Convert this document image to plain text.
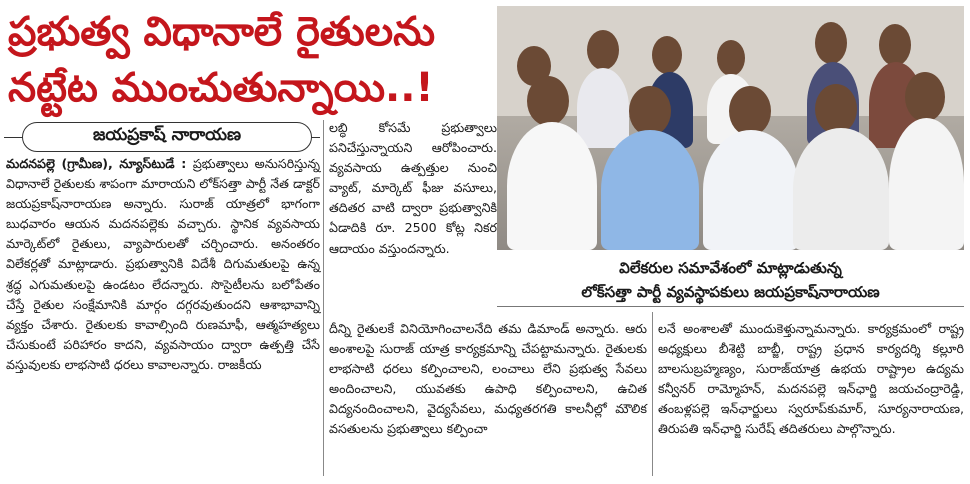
ప్రభుత్వ విధానాలే రైతులను
నట్టేట ముంచుతున్నాయి..!
జయప్రకాష్ నారాయణ
మదనపల్లె (గ్రామీణ), న్యూస్‌టుడే : ప్రభుత్వాలు అనుసరిస్తున్న విధానాలే రైతులకు శాపంగా మారాయని లోక్‌సత్తా పార్టీ నేత డాక్టర్ జయప్రకాష్‌నారాయణ అన్నారు. సురాజ్ యాత్రలో భాగంగా బుధవారం ఆయన మదనపల్లెకు వచ్చారు. స్థానిక వ్యవసాయ మార్కెట్‌లో రైతులు, వ్యాపారులతో చర్చించారు. అనంతరం విలేకర్లతో మాట్లాడారు. ప్రభుత్వానికి విదేశీ దిగుమతులపై ఉన్న శ్రద్ధ ఎగుమతులపై ఉండటం లేదన్నారు. సొసైటీలను బలోపేతం చేస్తే రైతుల సంక్షేమానికి మార్గం దగ్గరవుతుందని ఆశాభావాన్ని వ్యక్తం చేశారు. రైతులకు కావాల్సింది రుణమాఫీ, ఆత్మహత్యలు చేసుకుంటే పరిహారం కాదని, వ్యవసాయం ద్వారా ఉత్పత్తి చేసే వస్తువులకు లాభసాటి ధరలు కావాలన్నారు. రాజకీయ
లబ్ధి కోసమే ప్రభుత్వాలు పనిచేస్తున్నాయని ఆరోపించారు. వ్యవసాయ ఉత్పత్తుల నుంచి వ్యాట్, మార్కెట్ ఫీజు వసూలు, తదితర వాటి ద్వారా ప్రభుత్వానికి ఏడాదికి రూ. 2500 కోట్ల నికర ఆదాయం వస్తుందన్నారు.
దీన్ని రైతులకే వినియోగించాలనేది తమ డిమాండ్ అన్నారు. ఆరు అంశాలపై సురాజ్ యాత్ర కార్యక్రమాన్ని చేపట్టామన్నారు. రైతులకు లాభసాటి ధరలు కల్పించాలని, లంచాలు లేని ప్రభుత్వ సేవలు అందించాలని, యువతకు ఉపాధి కల్పించాలని, ఉచిత విద్యనందించాలని, వైద్యసేవలు, మధ్యతరగతి కాలనీల్లో మౌలిక వసతులను ప్రభుత్వాలు కల్పించా
లనే అంశాలతో ముందుకెళ్తున్నామన్నారు. కార్యక్రమంలో రాష్ట్ర అధ్యక్షులు బీశెట్టి బాబ్జీ, రాష్ట్ర ప్రధాన కార్యదర్శి కల్లూరి బాలసుబ్రహ్మణ్యం, సురాజ్‌యాత్ర ఉభయ రాష్ట్రాల ఉద్యమ కన్వీనర్ రామ్మోహన్, మదనపల్లె ఇన్‌ఛార్జి జయచంద్రారెడ్డి, తంబళ్లపల్లె ఇన్‌ఛార్జులు స్వరూప్‌కుమార్, సూర్యనారాయణ, తిరుపతి ఇన్‌ఛార్జి సురేష్ తదితరులు పాల్గొన్నారు.
విలేకరుల సమావేశంలో మాట్లాడుతున్న
లోక్‌సత్తా పార్టీ వ్యవస్థాపకులు జయప్రకాష్‌నారాయణ
